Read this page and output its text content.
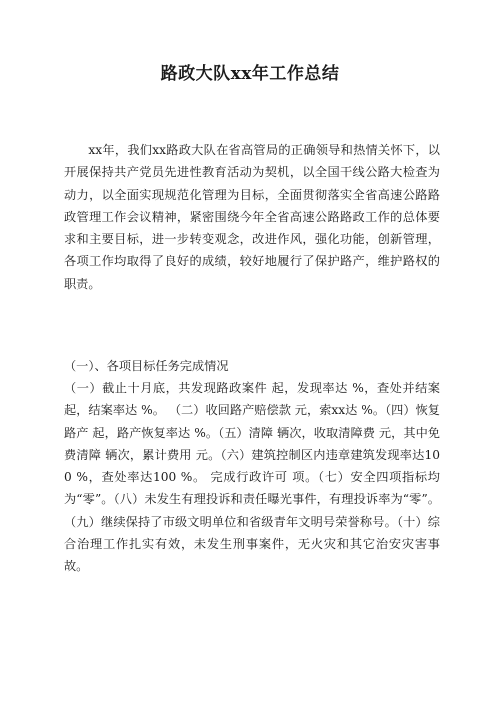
路政大队xx年工作总结
xx年，我们xx路政大队在省高管局的正确领导和热情关怀下，以开展保持共产党员先进性教育活动为契机，以全国干线公路大检查为动力，以全面实现规范化管理为目标，全面贯彻落实全省高速公路路政管理工作会议精神，紧密围绕今年全省高速公路路政工作的总体要求和主要目标，进一步转变观念，改进作风，强化功能，创新管理，各项工作均取得了良好的成绩，较好地履行了保护路产，维护路权的职责。
（一）、各项目标任务完成情况
（一）截止十月底，共发现路政案件 起，发现率达 %，查处并结案 起，结案率达 %。 （二）收回路产赔偿款 元，索xx达 %。（四）恢复路产 起，路产恢复率达 %。（五）清障 辆次，收取清障费 元，其中免费清障 辆次，累计费用 元。（六）建筑控制区内违章建筑发现率达100 %，查处率达100 %。 完成行政许可 项。（七）安全四项指标均为“零”。（八）未发生有理投诉和责任曝光事件，有理投诉率为“零”。（九）继续保持了市级文明单位和省级青年文明号荣誉称号。（十）综合治理工作扎实有效，未发生刑事案件，无火灾和其它治安灾害事故。
